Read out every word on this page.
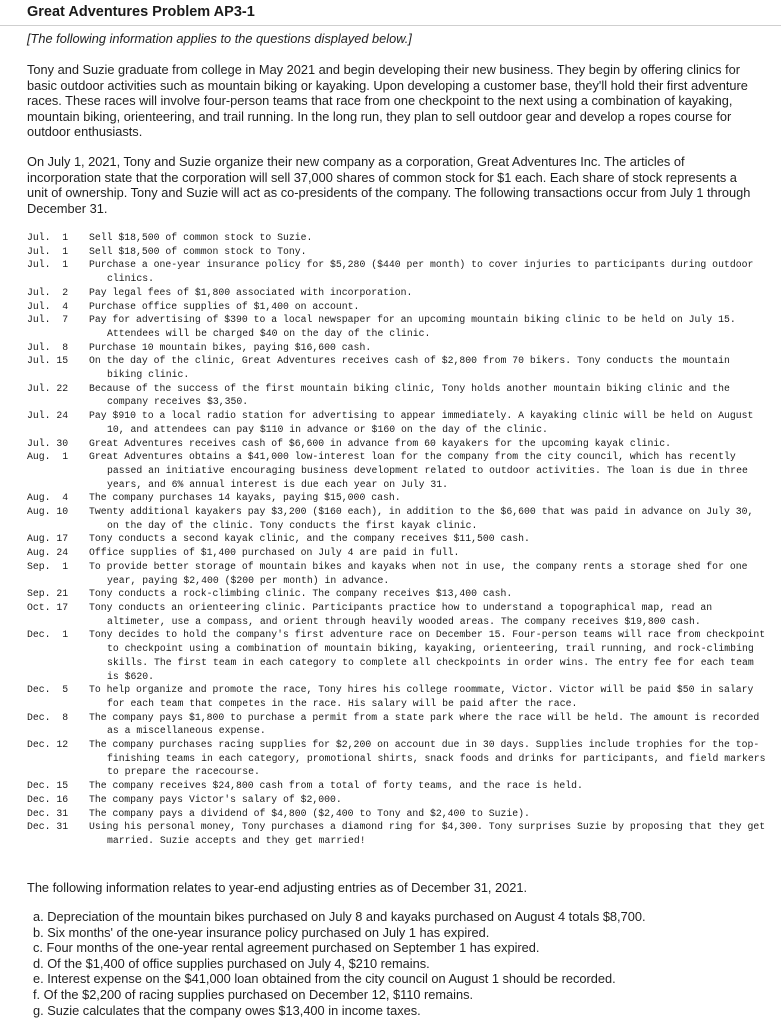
Great Adventures Problem AP3-1
[The following information applies to the questions displayed below.]
Tony and Suzie graduate from college in May 2021 and begin developing their new business. They begin by offering clinics for basic outdoor activities such as mountain biking or kayaking. Upon developing a customer base, they'll hold their first adventure races. These races will involve four-person teams that race from one checkpoint to the next using a combination of kayaking, mountain biking, orienteering, and trail running. In the long run, they plan to sell outdoor gear and develop a ropes course for outdoor enthusiasts.
On July 1, 2021, Tony and Suzie organize their new company as a corporation, Great Adventures Inc. The articles of incorporation state that the corporation will sell 37,000 shares of common stock for $1 each. Each share of stock represents a unit of ownership. Tony and Suzie will act as co-presidents of the company. The following transactions occur from July 1 through December 31.
Jul.  1	Sell $18,500 of common stock to Suzie.
Jul.  1	Sell $18,500 of common stock to Tony.
Jul.  1	Purchase a one-year insurance policy for $5,280 ($440 per month) to cover injuries to participants during outdoor clinics.
Jul.  2	Pay legal fees of $1,800 associated with incorporation.
Jul.  4	Purchase office supplies of $1,400 on account.
Jul.  7	Pay for advertising of $390 to a local newspaper for an upcoming mountain biking clinic to be held on July 15. Attendees will be charged $40 on the day of the clinic.
Jul.  8	Purchase 10 mountain bikes, paying $16,600 cash.
Jul. 15	On the day of the clinic, Great Adventures receives cash of $2,800 from 70 bikers. Tony conducts the mountain biking clinic.
Jul. 22	Because of the success of the first mountain biking clinic, Tony holds another mountain biking clinic and the company receives $3,350.
Jul. 24	Pay $910 to a local radio station for advertising to appear immediately. A kayaking clinic will be held on August 10, and attendees can pay $110 in advance or $160 on the day of the clinic.
Jul. 30	Great Adventures receives cash of $6,600 in advance from 60 kayakers for the upcoming kayak clinic.
Aug.  1	Great Adventures obtains a $41,000 low-interest loan for the company from the city council, which has recently passed an initiative encouraging business development related to outdoor activities. The loan is due in three years, and 6% annual interest is due each year on July 31.
Aug.  4	The company purchases 14 kayaks, paying $15,000 cash.
Aug. 10	Twenty additional kayakers pay $3,200 ($160 each), in addition to the $6,600 that was paid in advance on July 30, on the day of the clinic. Tony conducts the first kayak clinic.
Aug. 17	Tony conducts a second kayak clinic, and the company receives $11,500 cash.
Aug. 24	Office supplies of $1,400 purchased on July 4 are paid in full.
Sep.  1	To provide better storage of mountain bikes and kayaks when not in use, the company rents a storage shed for one year, paying $2,400 ($200 per month) in advance.
Sep. 21	Tony conducts a rock-climbing clinic. The company receives $13,400 cash.
Oct. 17	Tony conducts an orienteering clinic. Participants practice how to understand a topographical map, read an altimeter, use a compass, and orient through heavily wooded areas. The company receives $19,800 cash.
Dec.  1	Tony decides to hold the company's first adventure race on December 15. Four-person teams will race from checkpoint to checkpoint using a combination of mountain biking, kayaking, orienteering, trail running, and rock-climbing skills. The first team in each category to complete all checkpoints in order wins. The entry fee for each team is $620.
Dec.  5	To help organize and promote the race, Tony hires his college roommate, Victor. Victor will be paid $50 in salary for each team that competes in the race. His salary will be paid after the race.
Dec.  8	The company pays $1,800 to purchase a permit from a state park where the race will be held. The amount is recorded as a miscellaneous expense.
Dec. 12	The company purchases racing supplies for $2,200 on account due in 30 days. Supplies include trophies for the top-finishing teams in each category, promotional shirts, snack foods and drinks for participants, and field markers to prepare the racecourse.
Dec. 15	The company receives $24,800 cash from a total of forty teams, and the race is held.
Dec. 16	The company pays Victor's salary of $2,000.
Dec. 31	The company pays a dividend of $4,800 ($2,400 to Tony and $2,400 to Suzie).
Dec. 31	Using his personal money, Tony purchases a diamond ring for $4,300. Tony surprises Suzie by proposing that they get married. Suzie accepts and they get married!
The following information relates to year-end adjusting entries as of December 31, 2021.
a. Depreciation of the mountain bikes purchased on July 8 and kayaks purchased on August 4 totals $8,700.
b. Six months' of the one-year insurance policy purchased on July 1 has expired.
c. Four months of the one-year rental agreement purchased on September 1 has expired.
d. Of the $1,400 of office supplies purchased on July 4, $210 remains.
e. Interest expense on the $41,000 loan obtained from the city council on August 1 should be recorded.
f. Of the $2,200 of racing supplies purchased on December 12, $110 remains.
g. Suzie calculates that the company owes $13,400 in income taxes.
